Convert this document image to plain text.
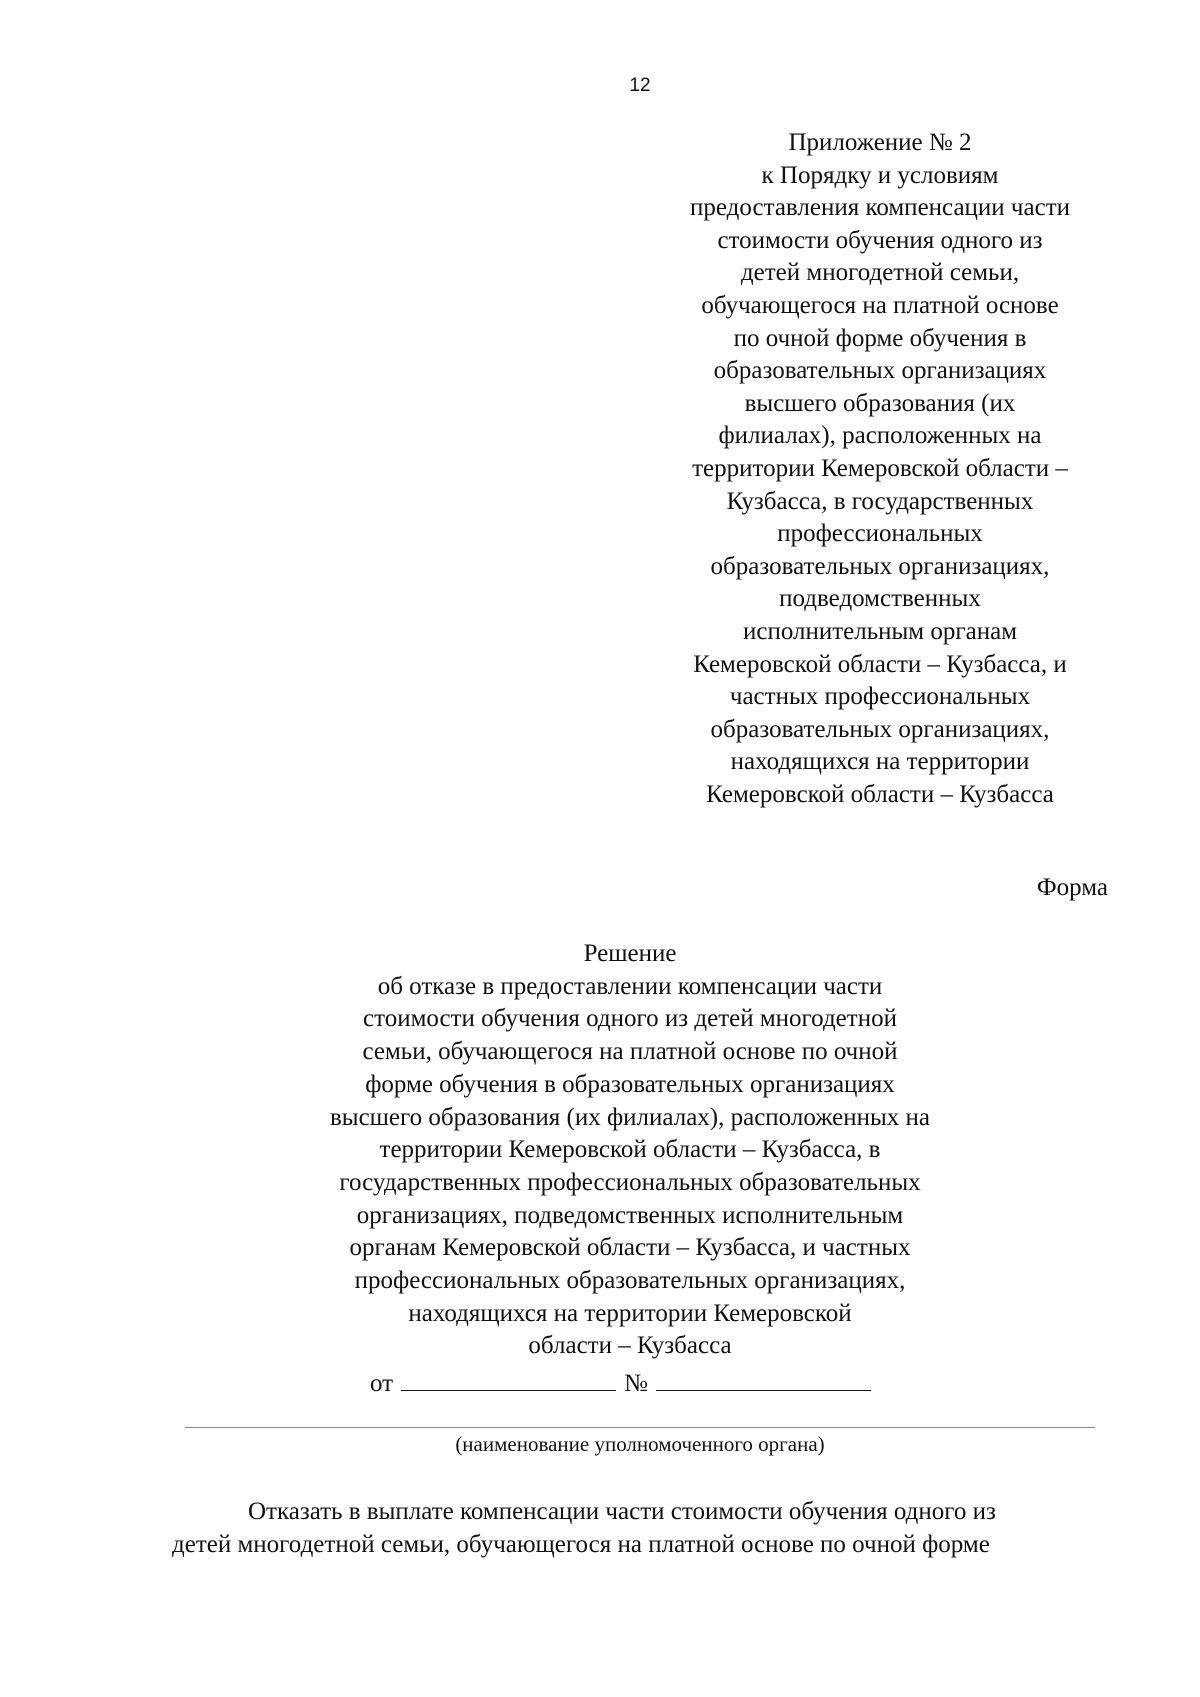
12
Приложение № 2
к Порядку и условиям
предоставления компенсации части
стоимости обучения одного из
детей многодетной семьи,
обучающегося на платной основе
по очной форме обучения в
образовательных организациях
высшего образования (их
филиалах), расположенных на
территории Кемеровской области –
Кузбасса, в государственных
профессиональных
образовательных организациях,
подведомственных
исполнительным органам
Кемеровской области – Кузбасса, и
частных профессиональных
образовательных организациях,
находящихся на территории
Кемеровской области – Кузбасса
Форма
Решение
об отказе в предоставлении компенсации части
стоимости обучения одного из детей многодетной
семьи, обучающегося на платной основе по очной
форме обучения в образовательных организациях
высшего образования (их филиалах), расположенных на
территории Кемеровской области – Кузбасса, в
государственных профессиональных образовательных
организациях, подведомственных исполнительным
органам Кемеровской области – Кузбасса, и частных
профессиональных образовательных организациях,
находящихся на территории Кемеровской
области – Кузбасса
от	№
(наименование уполномоченного органа)
Отказать в выплате компенсации части стоимости обучения одного из
детей многодетной семьи, обучающегося на платной основе по очной форме
